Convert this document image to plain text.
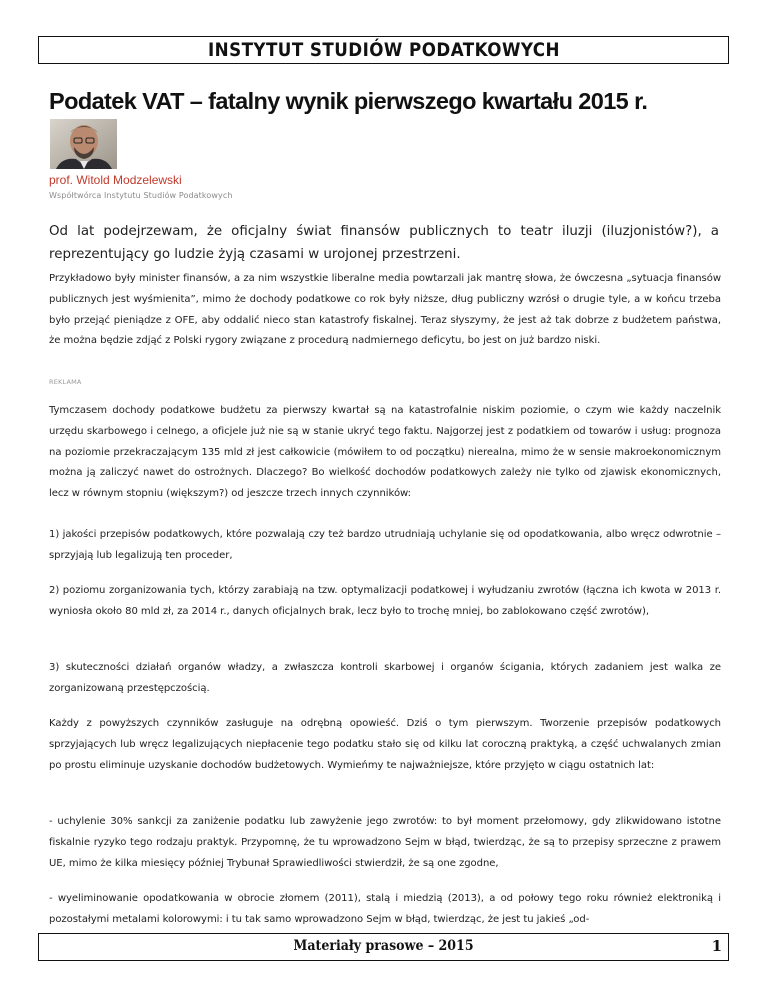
INSTYTUT STUDIÓW PODATKOWYCH
Podatek VAT – fatalny wynik pierwszego kwartału 2015 r.
prof. Witold Modzelewski
Współtwórca Instytutu Studiów Podatkowych
Od lat podejrzewam, że oficjalny świat finansów publicznych to teatr iluzji (iluzjonistów?), a reprezentujący go ludzie żyją czasami w urojonej przestrzeni.
Przykładowo były minister finansów, a za nim wszystkie liberalne media powtarzali jak mantrę słowa, że ówczesna „sytuacja finansów publicznych jest wyśmienita”, mimo że dochody podatkowe co rok były niższe, dług publiczny wzrósł o drugie tyle, a w końcu trzeba było przejąć pieniądze z OFE, aby oddalić nieco stan katastrofy fiskalnej. Teraz słyszymy, że jest aż tak dobrze z budżetem państwa, że można będzie zdjąć z Polski rygory związane z procedurą nadmiernego deficytu, bo jest on już bardzo niski.
REKLAMA
Tymczasem dochody podatkowe budżetu za pierwszy kwartał są na katastrofalnie niskim poziomie, o czym wie każdy naczelnik urzędu skarbowego i celnego, a oficjele już nie są w stanie ukryć tego faktu. Najgorzej jest z podatkiem od towarów i usług: prognoza na poziomie przekraczającym 135 mld zł jest całkowicie (mówiłem to od początku) nierealna, mimo że w sensie makroekonomicznym można ją zaliczyć nawet do ostrożnych. Dlaczego? Bo wielkość dochodów podatkowych zależy nie tylko od zjawisk ekonomicznych, lecz w równym stopniu (większym?) od jeszcze trzech innych czynników:
1) jakości przepisów podatkowych, które pozwalają czy też bardzo utrudniają uchylanie się od opodatkowania, albo wręcz odwrotnie – sprzyjają lub legalizują ten proceder,
2) poziomu zorganizowania tych, którzy zarabiają na tzw. optymalizacji podatkowej i wyłudzaniu zwrotów (łączna ich kwota w 2013 r. wyniosła około 80 mld zł, za 2014 r., danych oficjalnych brak, lecz było to trochę mniej, bo zablokowano część zwrotów),
3) skuteczności działań organów władzy, a zwłaszcza kontroli skarbowej i organów ścigania, których zadaniem jest walka ze zorganizowaną przestępczością.
Każdy z powyższych czynników zasługuje na odrębną opowieść. Dziś o tym pierwszym. Tworzenie przepisów podatkowych sprzyjających lub wręcz legalizujących niepłacenie tego podatku stało się od kilku lat coroczną praktyką, a część uchwalanych zmian po prostu eliminuje uzyskanie dochodów budżetowych. Wymieńmy te najważniejsze, które przyjęto w ciągu ostatnich lat:
- uchylenie 30% sankcji za zaniżenie podatku lub zawyżenie jego zwrotów: to był moment przełomowy, gdy zlikwidowano istotne fiskalnie ryzyko tego rodzaju praktyk. Przypomnę, że tu wprowadzono Sejm w błąd, twierdząc, że są to przepisy sprzeczne z prawem UE, mimo że kilka miesięcy później Trybunał Sprawiedliwości stwierdził, że są one zgodne,
- wyeliminowanie opodatkowania w obrocie złomem (2011), stalą i miedzią (2013), a od połowy tego roku również elektroniką i pozostałymi metalami kolorowymi: i tu tak samo wprowadzono Sejm w błąd, twierdząc, że jest tu jakieś „od-
Materiały prasowe – 2015	1
